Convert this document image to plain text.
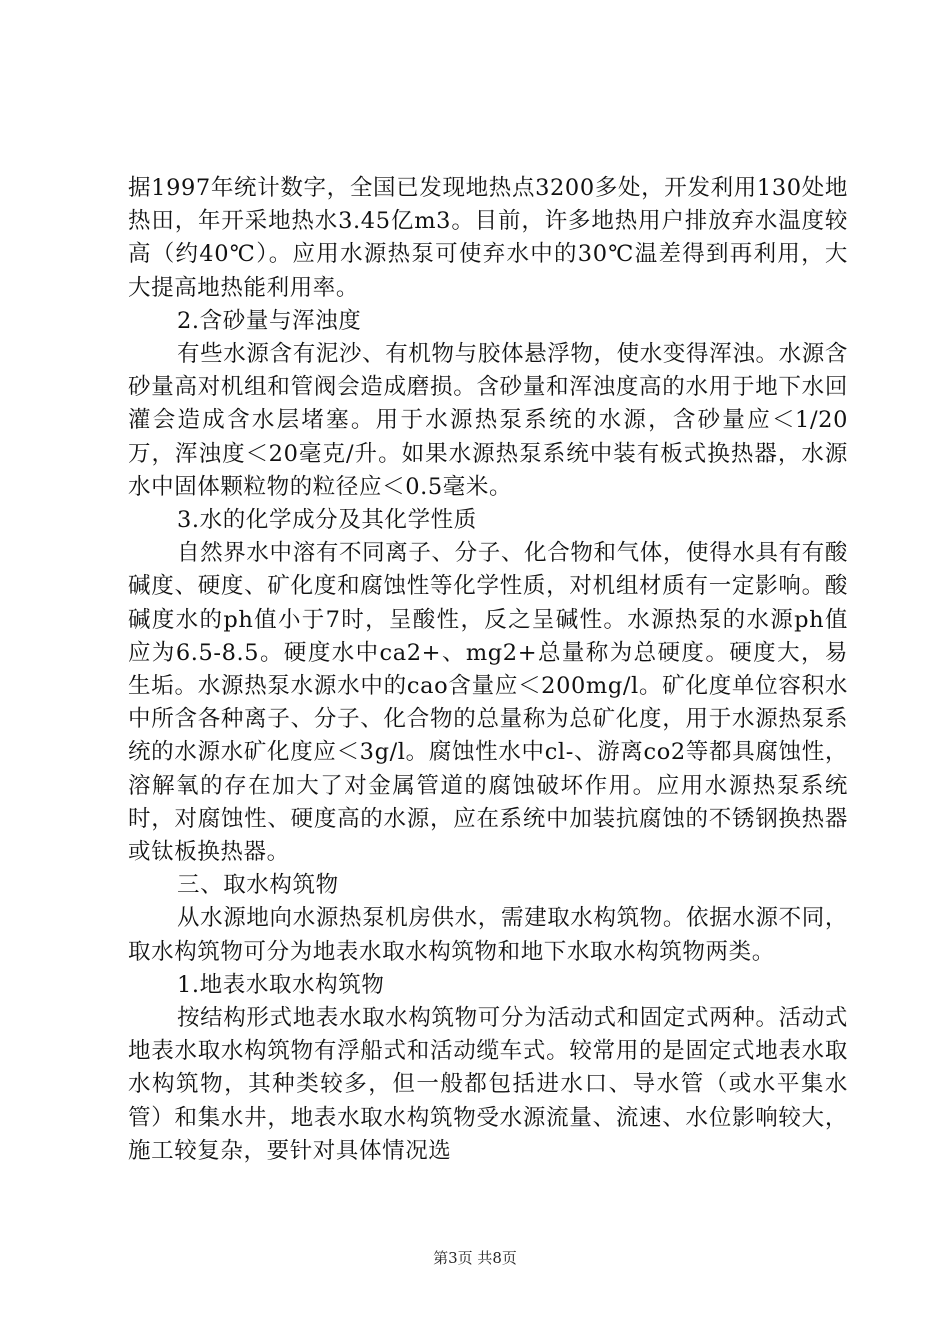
据1997年统计数字，全国已发现地热点3200多处，开发利用130处地热田，年开采地热水3.45亿m3。目前，许多地热用户排放弃水温度较高（约40℃）。应用水源热泵可使弃水中的30℃温差得到再利用，大大提高地热能利用率。

2.含砂量与浑浊度

有些水源含有泥沙、有机物与胶体悬浮物，使水变得浑浊。水源含砂量高对机组和管阀会造成磨损。含砂量和浑浊度高的水用于地下水回灌会造成含水层堵塞。用于水源热泵系统的水源，含砂量应＜1/20万，浑浊度＜20毫克/升。如果水源热泵系统中装有板式换热器，水源水中固体颗粒物的粒径应＜0.5毫米。

3.水的化学成分及其化学性质

自然界水中溶有不同离子、分子、化合物和气体，使得水具有有酸碱度、硬度、矿化度和腐蚀性等化学性质，对机组材质有一定影响。酸碱度水的ph值小于7时，呈酸性，反之呈碱性。水源热泵的水源ph值应为6.5-8.5。硬度水中ca2+、mg2+总量称为总硬度。硬度大，易生垢。水源热泵水源水中的cao含量应＜200mg/l。矿化度单位容积水中所含各种离子、分子、化合物的总量称为总矿化度，用于水源热泵系统的水源水矿化度应＜3g/l。腐蚀性水中cl-、游离co2等都具腐蚀性，溶解氧的存在加大了对金属管道的腐蚀破坏作用。应用水源热泵系统时，对腐蚀性、硬度高的水源，应在系统中加装抗腐蚀的不锈钢换热器或钛板换热器。

三、取水构筑物

从水源地向水源热泵机房供水，需建取水构筑物。依据水源不同，取水构筑物可分为地表水取水构筑物和地下水取水构筑物两类。

1.地表水取水构筑物

按结构形式地表水取水构筑物可分为活动式和固定式两种。活动式地表水取水构筑物有浮船式和活动缆车式。较常用的是固定式地表水取水构筑物，其种类较多，但一般都包括进水口、导水管（或水平集水管）和集水井，地表水取水构筑物受水源流量、流速、水位影响较大，施工较复杂，要针对具体情况选

第3页 共8页
